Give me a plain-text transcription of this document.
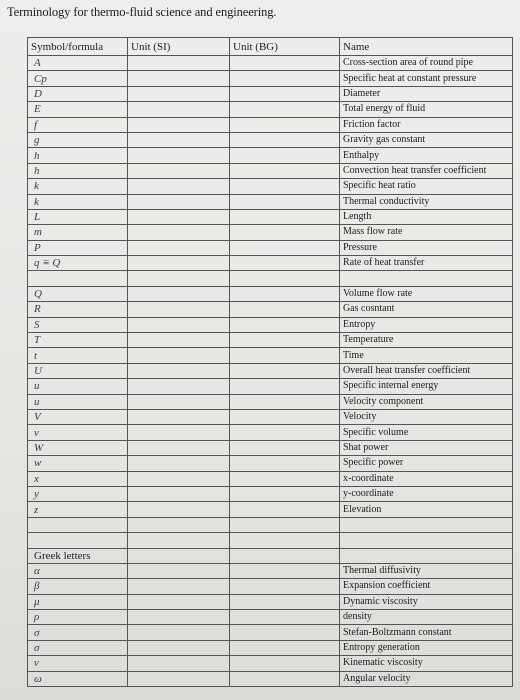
Terminology for thermo-fluid science and engineering.
Symbol/formula	Unit (SI)	Unit (BG)	Name
A			Cross-section area of round pipe
Cp			Specific heat at constant pressure
D			Diameter
E			Total energy of fluid
f			Friction factor
g			Gravity gas constant
h			Enthalpy
h			Convection heat transfer coefficient
k			Specific heat ratio
k			Thermal conductivity
L			Length
m			Mass flow rate
P			Pressure
q ≡ Q			Rate of heat transfer

Q			Volume flow rate
R			Gas cosntant
S			Entropy
T			Temperature
t			Time
U			Overall heat transfer coefficient
u			Specific internal energy
u			Velocity component
V			Velocity
v			Specific volume
W			Shat power
w			Specific power
x			x-coordinate
y			y-coordinate
z			Elevation

Greek letters			
α			Thermal diffusivity
β			Expansion coefficient
μ			Dynamic viscosity
ρ			density
σ			Stefan-Boltzmann constant
σ			Entropy generation
ν			Kinematic viscosity
ω			Angular velocity
